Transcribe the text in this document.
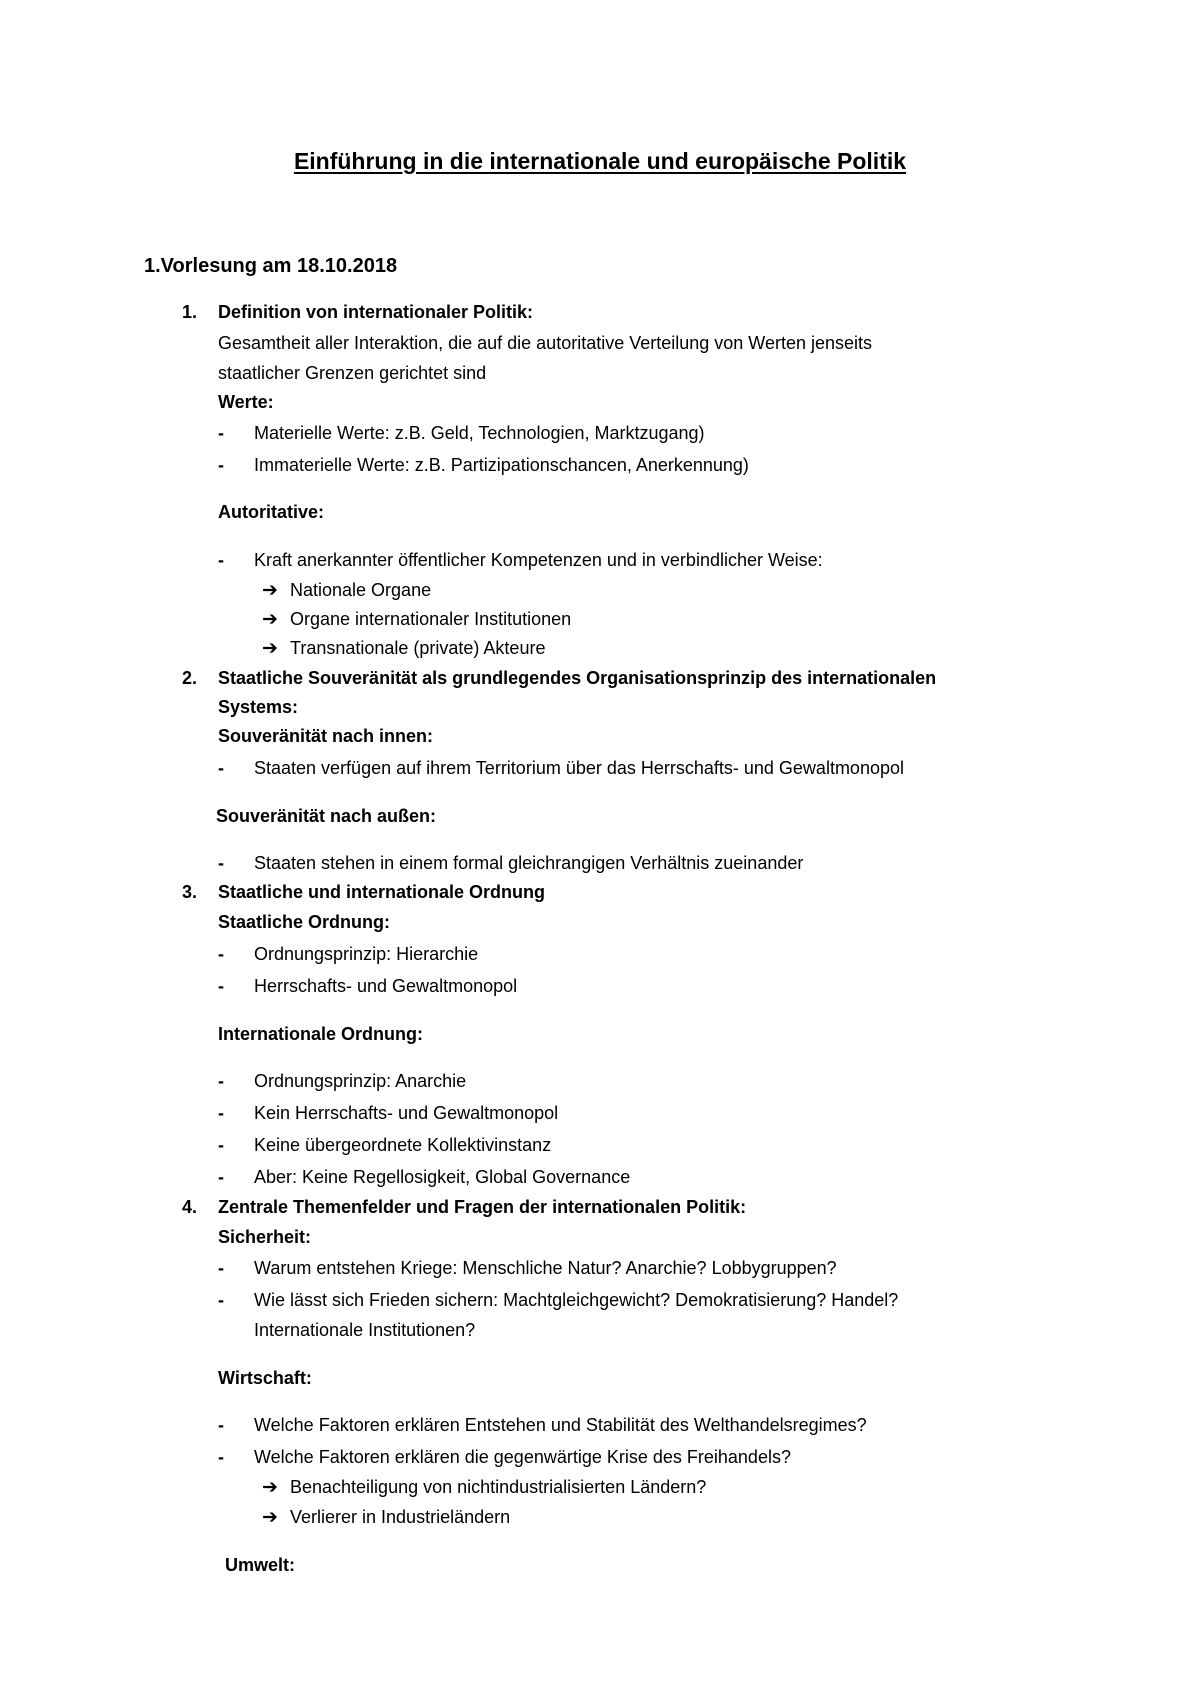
Einführung in die internationale und europäische Politik
1.Vorlesung am 18.10.2018
1. Definition von internationaler Politik:
Gesamtheit aller Interaktion, die auf die autoritative Verteilung von Werten jenseits
staatlicher Grenzen gerichtet sind
Werte:
- Materielle Werte: z.B. Geld, Technologien, Marktzugang)
- Immaterielle Werte: z.B. Partizipationschancen, Anerkennung)
Autoritative:
- Kraft anerkannter öffentlicher Kompetenzen und in verbindlicher Weise:
➔ Nationale Organe
➔ Organe internationaler Institutionen
➔ Transnationale (private) Akteure
2. Staatliche Souveränität als grundlegendes Organisationsprinzip des internationalen
Systems:
Souveränität nach innen:
- Staaten verfügen auf ihrem Territorium über das Herrschafts- und Gewaltmonopol
Souveränität nach außen:
- Staaten stehen in einem formal gleichrangigen Verhältnis zueinander
3. Staatliche und internationale Ordnung
Staatliche Ordnung:
- Ordnungsprinzip: Hierarchie
- Herrschafts- und Gewaltmonopol
Internationale Ordnung:
- Ordnungsprinzip: Anarchie
- Kein Herrschafts- und Gewaltmonopol
- Keine übergeordnete Kollektivinstanz
- Aber: Keine Regellosigkeit, Global Governance
4. Zentrale Themenfelder und Fragen der internationalen Politik:
Sicherheit:
- Warum entstehen Kriege: Menschliche Natur? Anarchie? Lobbygruppen?
- Wie lässt sich Frieden sichern: Machtgleichgewicht? Demokratisierung? Handel?
Internationale Institutionen?
Wirtschaft:
- Welche Faktoren erklären Entstehen und Stabilität des Welthandelsregimes?
- Welche Faktoren erklären die gegenwärtige Krise des Freihandels?
➔ Benachteiligung von nichtindustrialisierten Ländern?
➔ Verlierer in Industrieländern
Umwelt:
